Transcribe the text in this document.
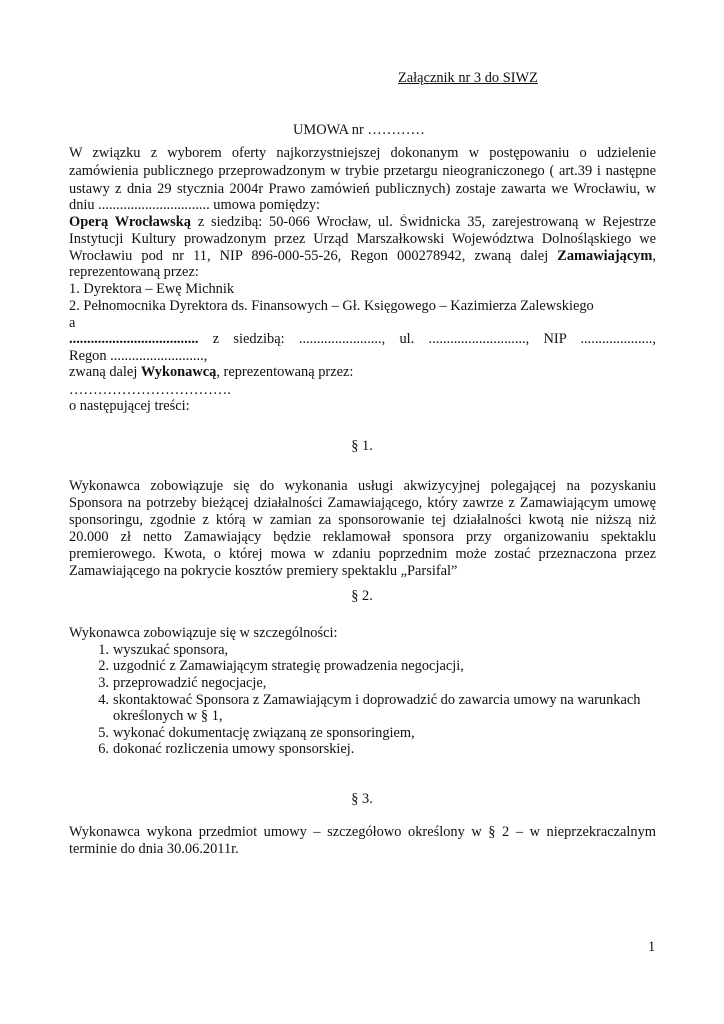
Załącznik nr 3 do SIWZ
UMOWA nr …………
W związku z wyborem oferty najkorzystniejszej dokonanym w postępowaniu o udzielenie
zamówienia publicznego przeprowadzonym w trybie przetargu nieograniczonego ( art.39 i następne
ustawy z dnia 29 stycznia 2004r Prawo zamówień publicznych) zostaje zawarta we Wrocławiu, w
dniu ............................... umowa pomiędzy:
Operą Wrocławską z siedzibą: 50-066 Wrocław, ul. Świdnicka 35, zarejestrowaną w Rejestrze
Instytucji Kultury prowadzonym przez Urząd Marszałkowski Województwa Dolnośląskiego we
Wrocławiu pod nr 11, NIP 896-000-55-26, Regon 000278942, zwaną dalej Zamawiającym,
reprezentowaną przez:
1. Dyrektora – Ewę Michnik
2. Pełnomocnika Dyrektora ds. Finansowych – Gł. Księgowego – Kazimierza Zalewskiego
a
.................................... z siedzibą: ......................., ul. ..........................., NIP ....................,
Regon ..........................,
zwaną dalej Wykonawcą, reprezentowaną przez:
…………………………….
o następującej treści:
§ 1.
Wykonawca zobowiązuje się do wykonania usługi akwizycyjnej polegającej na pozyskaniu
Sponsora na potrzeby bieżącej działalności Zamawiającego, który zawrze z Zamawiającym umowę
sponsoringu, zgodnie z którą w zamian za sponsorowanie tej działalności kwotą nie niższą niż
20.000 zł netto Zamawiający będzie reklamował sponsora przy organizowaniu spektaklu
premierowego. Kwota, o której mowa w zdaniu poprzednim może zostać przeznaczona przez
Zamawiającego na pokrycie kosztów premiery spektaklu „Parsifal”
§ 2.
Wykonawca zobowiązuje się w szczególności:
1. wyszukać sponsora,
2. uzgodnić z Zamawiającym strategię prowadzenia negocjacji,
3. przeprowadzić negocjacje,
4. skontaktować Sponsora z Zamawiającym i doprowadzić do zawarcia umowy na warunkach
określonych w § 1,
5. wykonać dokumentację związaną ze sponsoringiem,
6. dokonać rozliczenia umowy sponsorskiej.
§ 3.
Wykonawca wykona przedmiot umowy – szczegółowo określony w § 2 – w nieprzekraczalnym
terminie do dnia 30.06.2011r.
1
